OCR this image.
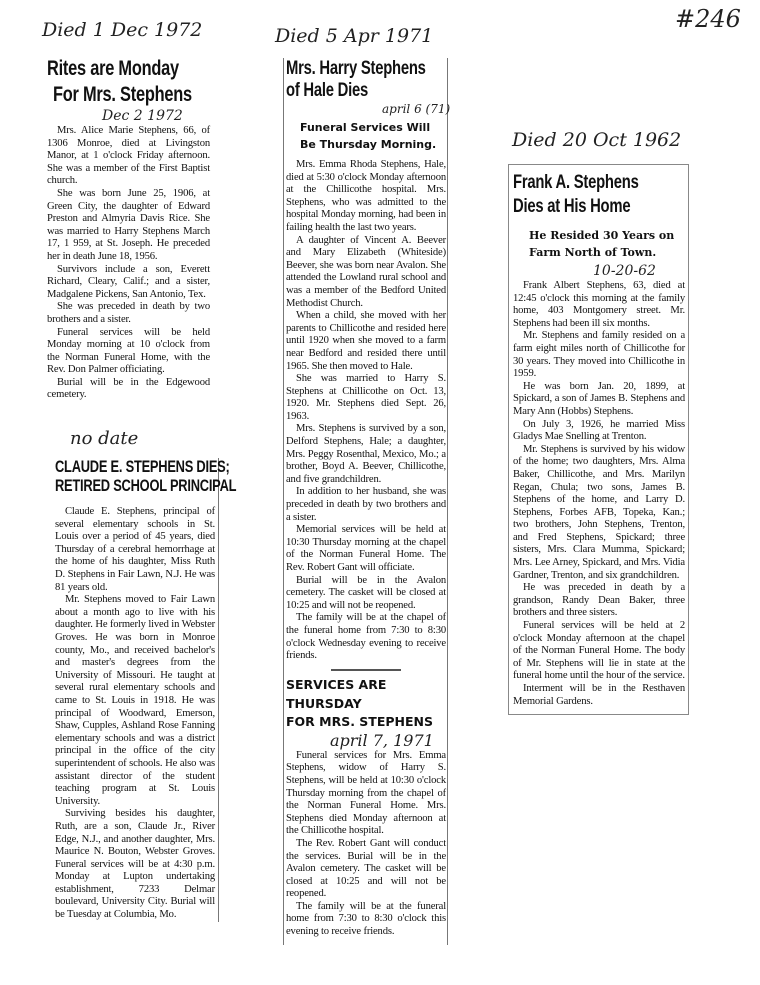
#246
Died 1 Dec 1972
Rites are Monday
For Mrs. Stephens
Dec 2 1972

Mrs. Alice Marie Stephens, 66, of 1306 Monroe, died at Livingston Manor, at 1 o'clock Friday afternoon. She was a member of the First Baptist church.

She was born June 25, 1906, at Green City, the daughter of Edward Preston and Almyria Davis Rice. She was married to Harry Stephens March 17, 1 959, at St. Joseph. He preceded her in death June 18, 1956.

Survivors include a son, Everett Richard, Cleary, Calif.; and a sister, Madgalene Pickens, San Antonio, Tex.

She was preceded in death by two brothers and a sister.

Funeral services will be held Monday morning at 10 o'clock from the Norman Funeral Home, with the Rev. Don Palmer officiating.

Burial will be in the Edgewood cemetery.

no date
CLAUDE E. STEPHENS DIES;
RETIRED SCHOOL PRINCIPAL

Claude E. Stephens, principal of several elementary schools in St. Louis over a period of 45 years, died Thursday of a cerebral hemorrhage at the home of his daughter, Miss Ruth D. Stephens in Fair Lawn, N.J. He was 81 years old.

Mr. Stephens moved to Fair Lawn about a month ago to live with his daughter. He formerly lived in Webster Groves. He was born in Monroe county, Mo., and received bachelor's and master's degrees from the University of Missouri. He taught at several rural elementary schools and came to St. Louis in 1918. He was principal of Woodward, Emerson, Shaw, Cupples, Ashland Rose Fanning elementary schools and was a district principal in the office of the city superintendent of schools. He also was assistant director of the student teaching program at St. Louis University.

Surviving besides his daughter, Ruth, are a son, Claude Jr., River Edge, N.J., and another daughter, Mrs. Maurice N. Bouton, Webster Groves. Funeral services will be at 4:30 p.m. Monday at Lupton undertaking establishment, 7233 Delmar boulevard, University City. Burial will be Tuesday at Columbia, Mo.

Died 5 Apr 1971
Mrs. Harry Stephens
of Hale Dies
april 6 (71)
Funeral Services Will
Be Thursday Morning.

Mrs. Emma Rhoda Stephens, Hale, died at 5:30 o'clock Monday afternoon at the Chillicothe hospital. Mrs. Stephens, who was admitted to the hospital Monday morning, had been in failing health the last two years.

A daughter of Vincent A. Beever and Mary Elizabeth (Whiteside) Beever, she was born near Avalon. She attended the Lowland rural school and was a member of the Bedford United Methodist Church.

When a child, she moved with her parents to Chillicothe and resided here until 1920 when she moved to a farm near Bedford and resided there until 1965. She then moved to Hale.

She was married to Harry S. Stephens at Chillicothe on Oct. 13, 1920. Mr. Stephens died Sept. 26, 1963.

Mrs. Stephens is survived by a son, Delford Stephens, Hale; a daughter, Mrs. Peggy Rosenthal, Mexico, Mo.; a brother, Boyd A. Beever, Chillicothe, and five grandchildren.

In addition to her husband, she was preceded in death by two brothers and a sister.

Memorial services will be held at 10:30 Thursday morning at the chapel of the Norman Funeral Home. The Rev. Robert Gant will officiate.

Burial will be in the Avalon cemetery. The casket will be closed at 10:25 and will not be reopened.

The family will be at the chapel of the funeral home from 7:30 to 8:30 o'clock Wednesday evening to receive friends.

SERVICES ARE THURSDAY
FOR MRS. STEPHENS
april 7, 1971

Funeral services for Mrs. Emma Stephens, widow of Harry S. Stephens, will be held at 10:30 o'clock Thursday morning from the chapel of the Norman Funeral Home. Mrs. Stephens died Monday afternoon at the Chillicothe hospital.

The Rev. Robert Gant will conduct the services. Burial will be in the Avalon cemetery. The casket will be closed at 10:25 and will not be reopened.

The family will be at the funeral home from 7:30 to 8:30 o'clock this evening to receive friends.

Died 20 Oct 1962
Frank A. Stephens
Dies at His Home
He Resided 30 Years on
Farm North of Town.
10-20-62

Frank Albert Stephens, 63, died at 12:45 o'clock this morning at the family home, 403 Montgomery street. Mr. Stephens had been ill six months.

Mr. Stephens and family resided on a farm eight miles north of Chillicothe for 30 years. They moved into Chillicothe in 1959.

He was born Jan. 20, 1899, at Spickard, a son of James B. Stephens and Mary Ann (Hobbs) Stephens.

On July 3, 1926, he married Miss Gladys Mae Snelling at Trenton.

Mr. Stephens is survived by his widow of the home; two daughters, Mrs. Alma Baker, Chillicothe, and Mrs. Marilyn Regan, Chula; two sons, James B. Stephens of the home, and Larry D. Stephens, Forbes AFB, Topeka, Kan.; two brothers, John Stephens, Trenton, and Fred Stephens, Spickard; three sisters, Mrs. Clara Mumma, Spickard; Mrs. Lee Arney, Spickard, and Mrs. Vidia Gardner, Trenton, and six grandchildren.

He was preceded in death by a grandson, Randy Dean Baker, three brothers and three sisters.

Funeral services will be held at 2 o'clock Monday afternoon at the chapel of the Norman Funeral Home. The body of Mr. Stephens will lie in state at the funeral home until the hour of the service.

Interment will be in the Resthaven Memorial Gardens.
